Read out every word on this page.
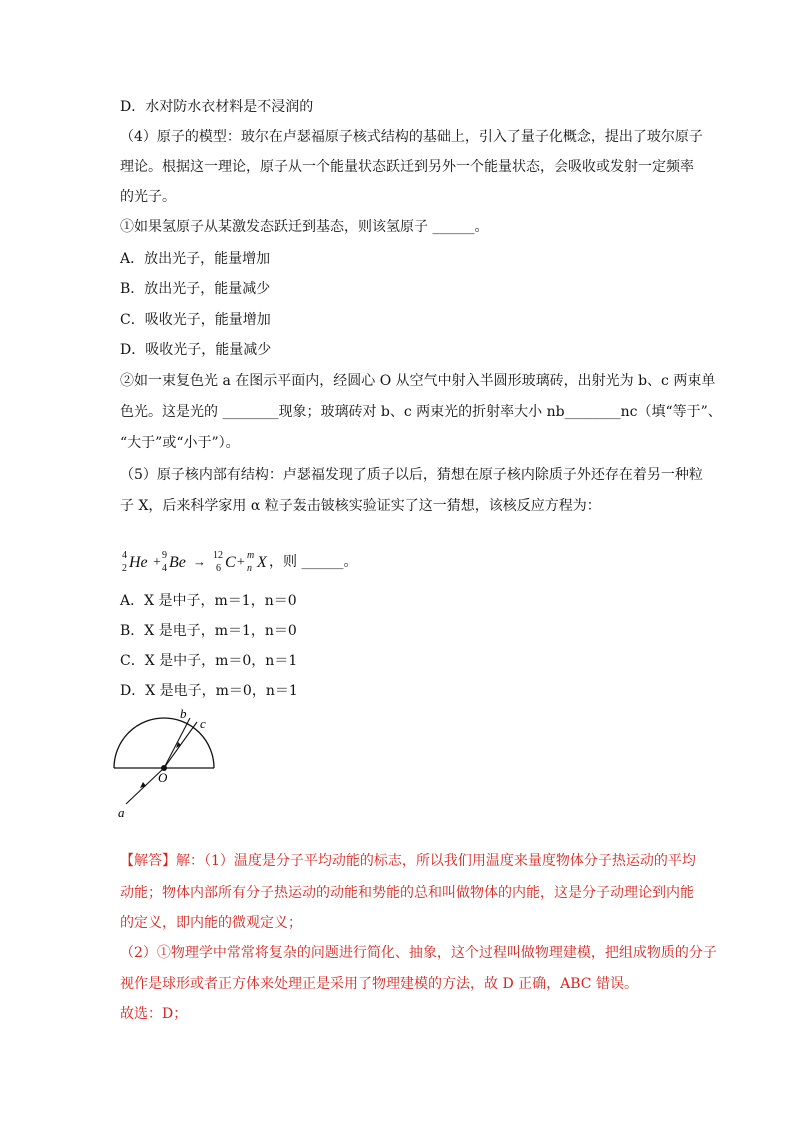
D．水对防水衣材料是不浸润的
（4）原子的模型：玻尔在卢瑟福原子核式结构的基础上，引入了量子化概念，提出了玻尔原子
理论。根据这一理论，原子从一个能量状态跃迁到另外一个能量状态，会吸收或发射一定频率
的光子。
①如果氢原子从某激发态跃迁到基态，则该氢原子 ______。
A．放出光子，能量增加
B．放出光子，能量减少
C．吸收光子，能量增加
D．吸收光子，能量减少
②如一束复色光 a 在图示平面内，经圆心 O 从空气中射入半圆形玻璃砖，出射光为 b、c 两束单
色光。这是光的 ________现象；玻璃砖对 b、c 两束光的折射率大小 nb________nc（填“等于”、
“大于”或“小于”）。
（5）原子核内部有结构：卢瑟福发现了质子以后，猜想在原子核内除质子外还存在着另一种粒
子 X，后来科学家用 α 粒子轰击铍核实验证实了这一猜想，该核反应方程为：
4
2 He + 9
4 Be → 12
6 C + m
n X ，则 ______。
A．X 是中子，m＝1，n＝0
B．X 是电子，m＝1，n＝0
C．X 是中子，m＝0，n＝1
D．X 是电子，m＝0，n＝1
b
c
O
a
【解答】解：（1）温度是分子平均动能的标志，所以我们用温度来量度物体分子热运动的平均
动能；物体内部所有分子热运动的动能和势能的总和叫做物体的内能，这是分子动理论到内能
的定义，即内能的微观定义；
（2）①物理学中常常将复杂的问题进行简化、抽象，这个过程叫做物理建模，把组成物质的分子
视作是球形或者正方体来处理正是采用了物理建模的方法，故 D 正确，ABC 错误。
故选：D；
